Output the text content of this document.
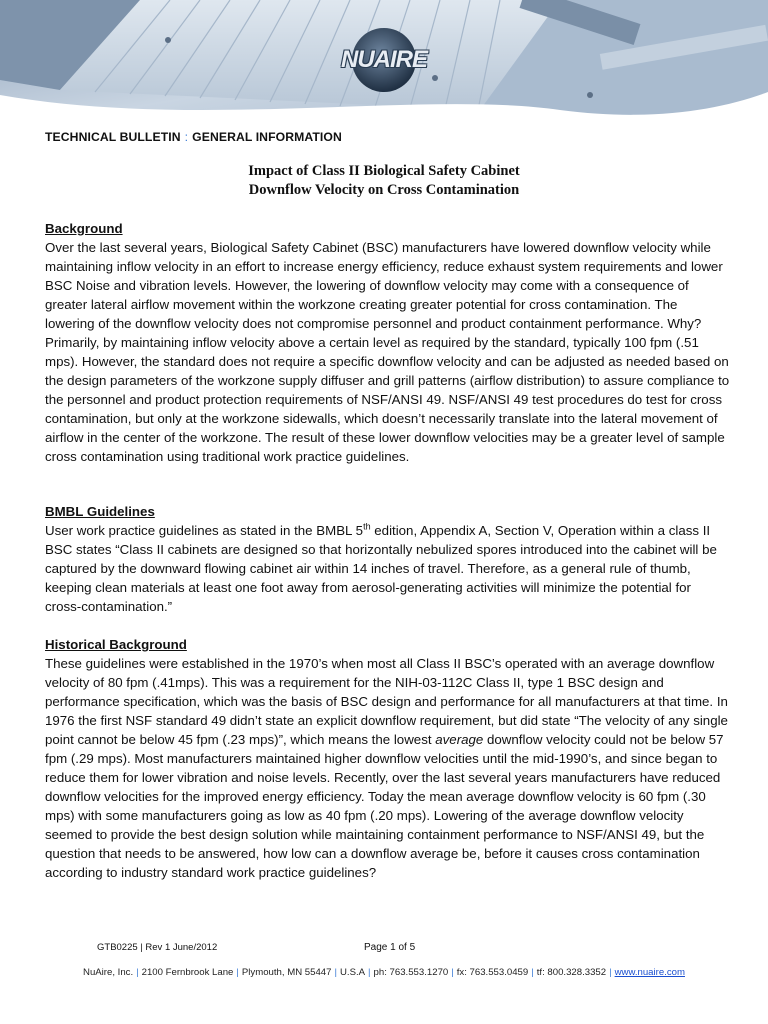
NUAIRE
TECHNICAL BULLETIN : GENERAL INFORMATION
Impact of Class II Biological Safety Cabinet
Downflow Velocity on Cross Contamination
Background

Over the last several years, Biological Safety Cabinet (BSC) manufacturers have lowered downflow velocity while maintaining inflow velocity in an effort to increase energy efficiency, reduce exhaust system requirements and lower BSC Noise and vibration levels. However, the lowering of downflow velocity may come with a consequence of greater lateral airflow movement within the workzone creating greater potential for cross contamination. The lowering of the downflow velocity does not compromise personnel and product containment performance. Why? Primarily, by maintaining inflow velocity above a certain level as required by the standard, typically 100 fpm (.51 mps). However, the standard does not require a specific downflow velocity and can be adjusted as needed based on the design parameters of the workzone supply diffuser and grill patterns (airflow distribution) to assure compliance to the personnel and product protection requirements of NSF/ANSI 49. NSF/ANSI 49 test procedures do test for cross contamination, but only at the workzone sidewalls, which doesn’t necessarily translate into the lateral movement of airflow in the center of the workzone. The result of these lower downflow velocities may be a greater level of sample cross contamination using traditional work practice guidelines.

BMBL Guidelines

User work practice guidelines as stated in the BMBL 5th edition, Appendix A, Section V, Operation within a class II BSC states “Class II cabinets are designed so that horizontally nebulized spores introduced into the cabinet will be captured by the downward flowing cabinet air within 14 inches of travel. Therefore, as a general rule of thumb, keeping clean materials at least one foot away from aerosol-generating activities will minimize the potential for cross-contamination.”

Historical Background

These guidelines were established in the 1970’s when most all Class II BSC’s operated with an average downflow velocity of 80 fpm (.41mps). This was a requirement for the NIH-03-112C Class II, type 1 BSC design and performance specification, which was the basis of BSC design and performance for all manufacturers at that time. In 1976 the first NSF standard 49 didn’t state an explicit downflow requirement, but did state “The velocity of any single point cannot be below 45 fpm (.23 mps)”, which means the lowest average downflow velocity could not be below 57 fpm (.29 mps). Most manufacturers maintained higher downflow velocities until the mid-1990’s, and since began to reduce them for lower vibration and noise levels. Recently, over the last several years manufacturers have reduced downflow velocities for the improved energy efficiency. Today the mean average downflow velocity is 60 fpm (.30 mps) with some manufacturers going as low as 40 fpm (.20 mps). Lowering of the average downflow velocity seemed to provide the best design solution while maintaining containment performance to NSF/ANSI 49, but the question that needs to be answered, how low can a downflow average be, before it causes cross contamination according to industry standard work practice guidelines?

GTB0225 | Rev 1 June/2012	Page 1 of 5
NuAire, Inc. | 2100 Fernbrook Lane | Plymouth, MN 55447 | U.S.A | ph: 763.553.1270 | fx: 763.553.0459 | tf: 800.328.3352 | www.nuaire.com
